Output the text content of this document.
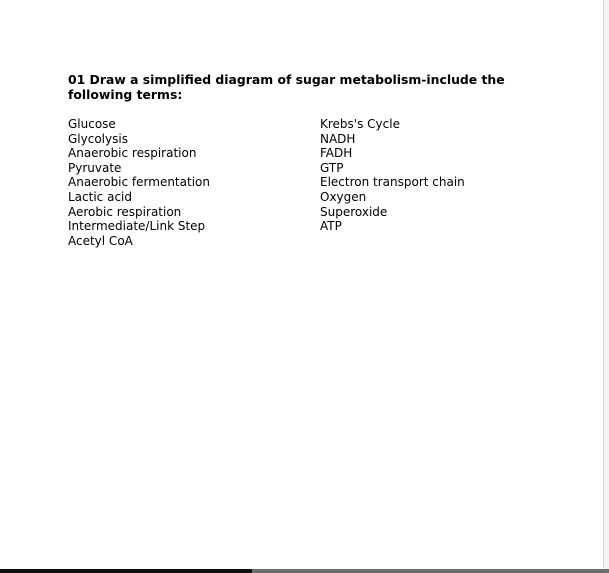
01 Draw a simplified diagram of sugar metabolism-include the following terms:
Glucose
Glycolysis
Anaerobic respiration
Pyruvate
Anaerobic fermentation
Lactic acid
Aerobic respiration
Intermediate/Link Step
Acetyl CoA
Krebs's Cycle
NADH
FADH
GTP
Electron transport chain
Oxygen
Superoxide
ATP
